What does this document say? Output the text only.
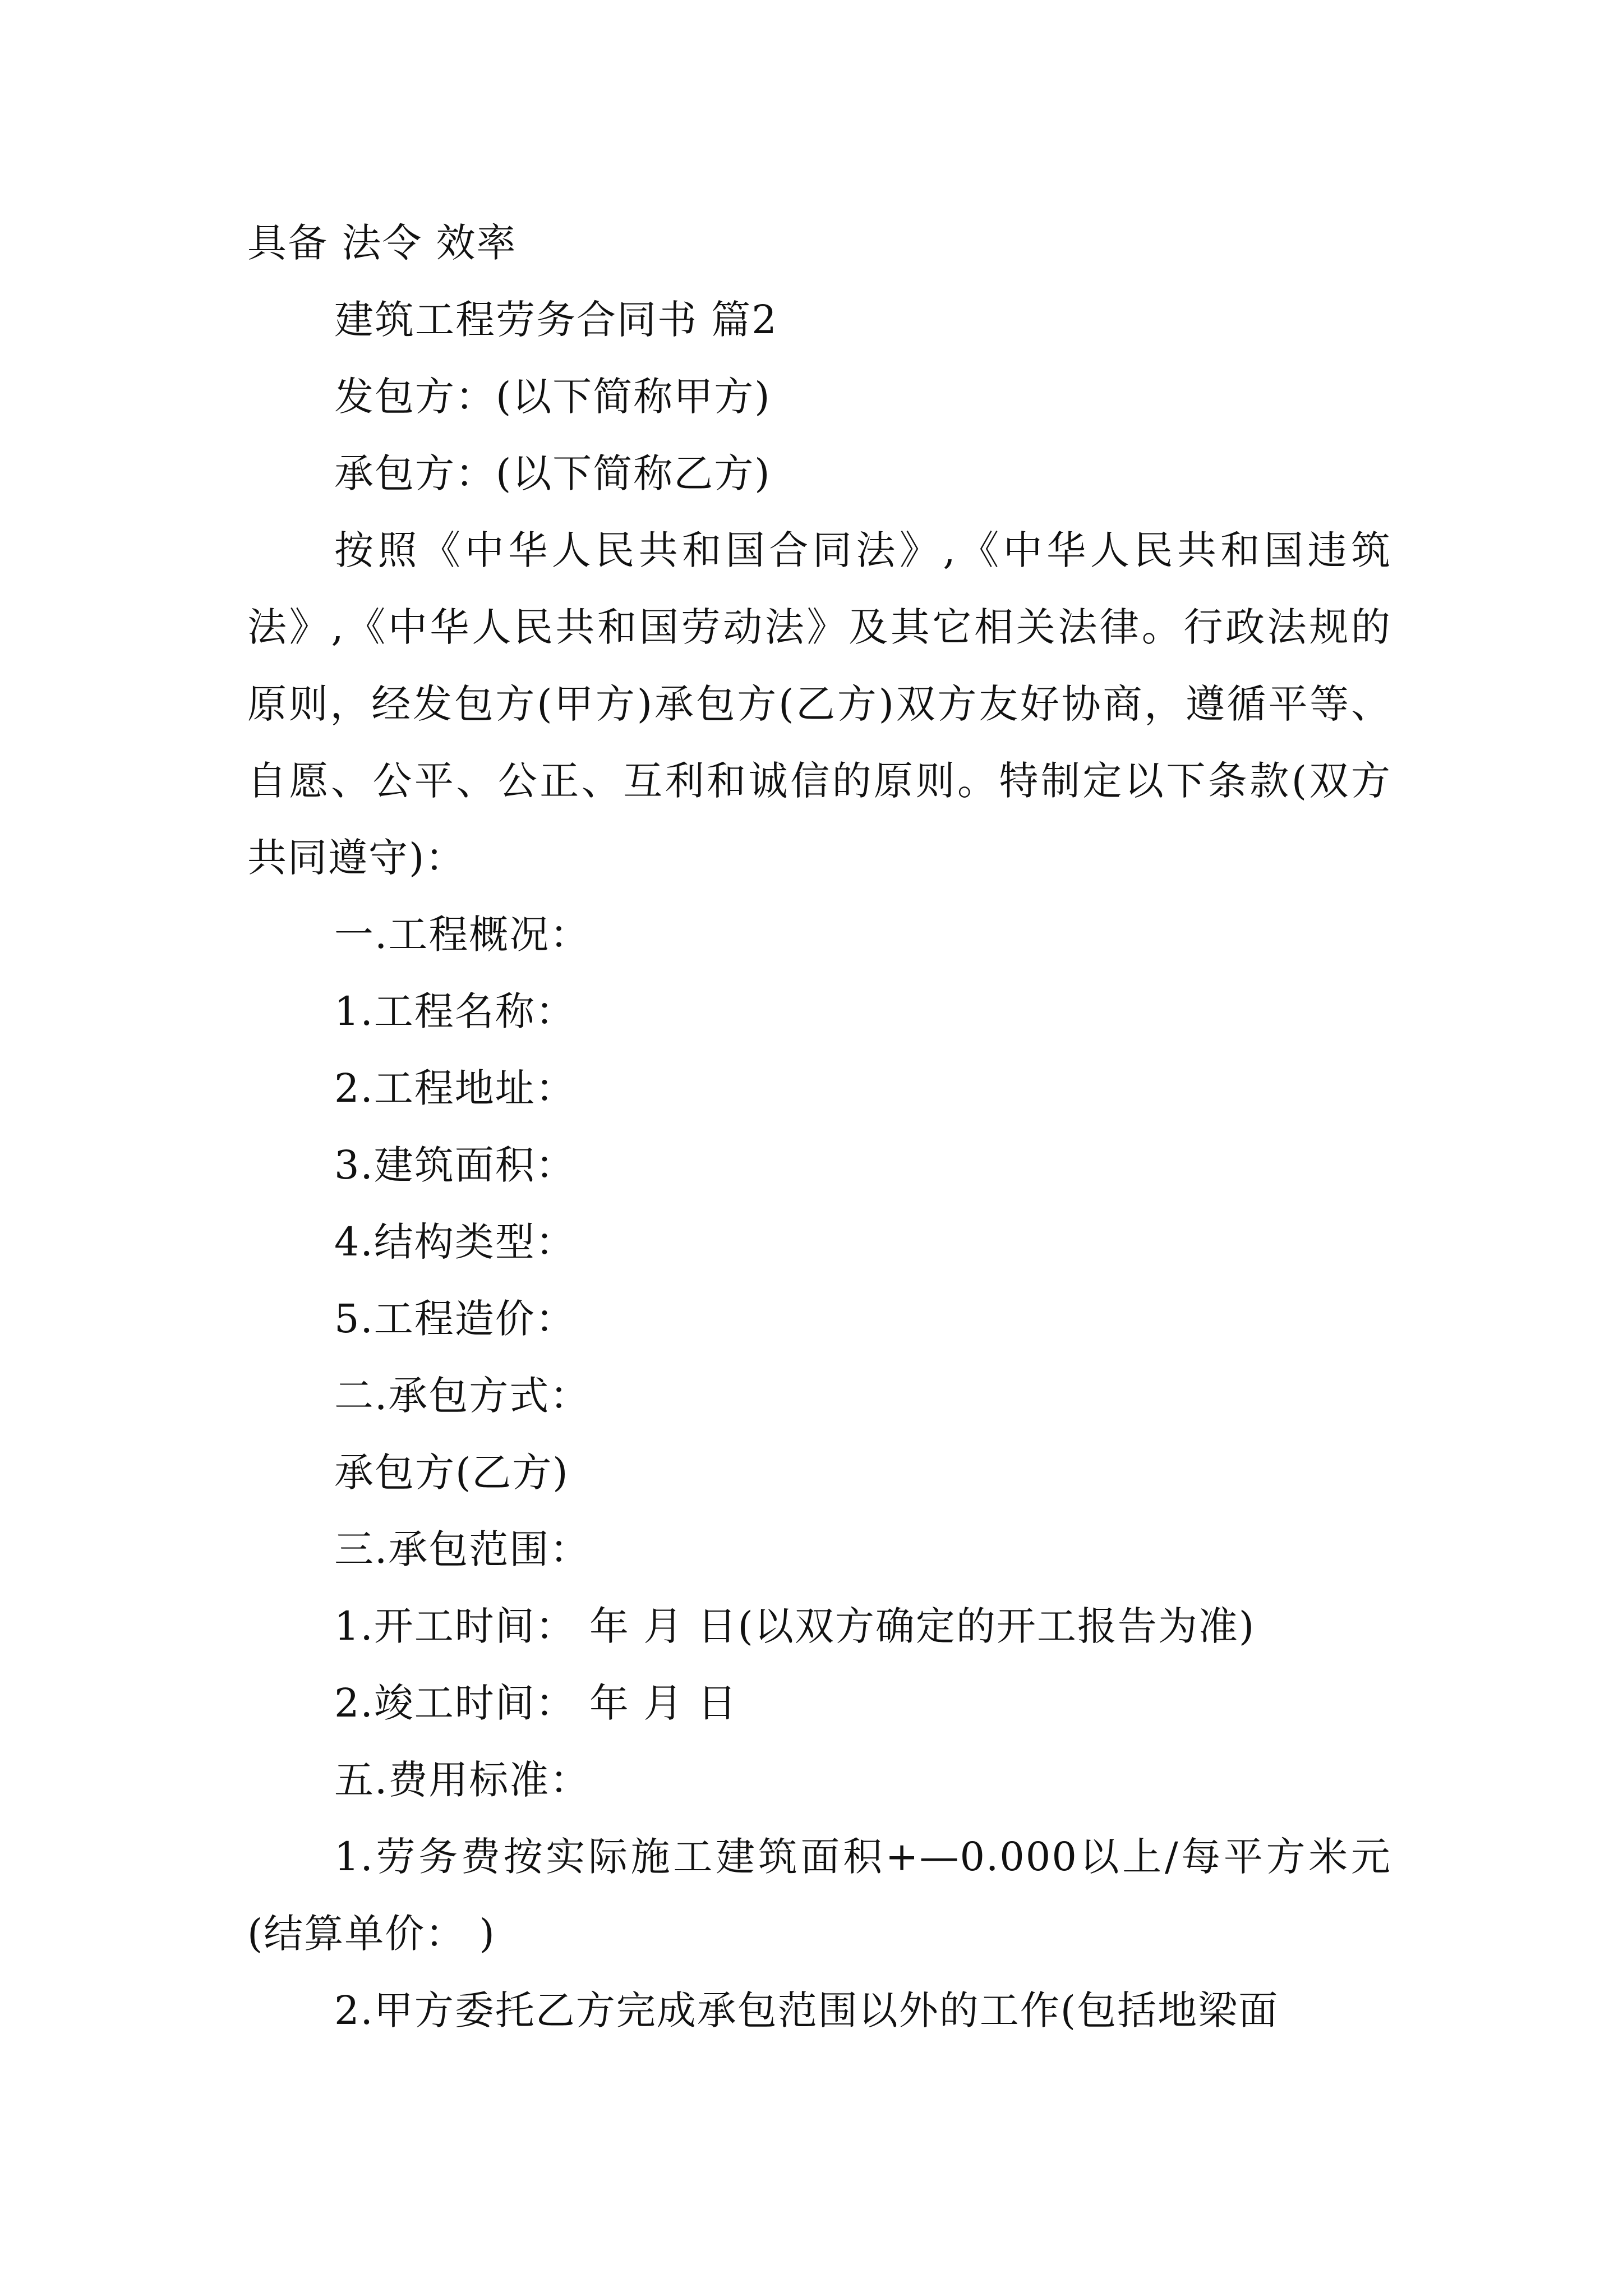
具备 法令 效率
建筑工程劳务合同书 篇2
发包方：(以下简称甲方)
承包方：(以下简称乙方)
按照《中华人民共和国合同法》,《中华人民共和国违筑法》,《中华人民共和国劳动法》及其它相关法律。行政法规的原则，经发包方(甲方)承包方(乙方)双方友好协商，遵循平等、自愿、公平、公正、互利和诚信的原则。特制定以下条款(双方共同遵守)：
一.工程概况：
1.工程名称：
2.工程地址：
3.建筑面积：
4.结构类型：
5.工程造价：
二.承包方式：
承包方(乙方)
三.承包范围：
1.开工时间： 年 月 日(以双方确定的开工报告为准)
2.竣工时间： 年 月 日
五.费用标准：
1.劳务费按实际施工建筑面积+—0.000以上/每平方米元(结算单价： )
2.甲方委托乙方完成承包范围以外的工作(包括地梁面
